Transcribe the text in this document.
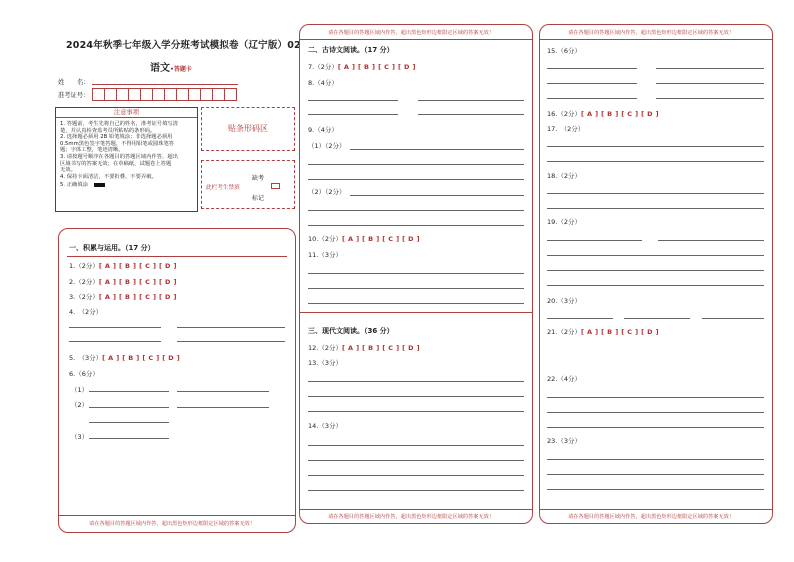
2024年秋季七年级入学分班考试模拟卷（辽宁版）02
语文•答题卡
姓　　名：
准考证号：
注意事项
1. 答题前，考生先将自己的姓名，准考证号填写清
楚，并认真检查监考员所粘贴的条形码。
2. 选择题必须用 2B 铅笔填涂；非选择题必须用
0.5mm黑色签字笔答题，不得用铅笔或圆珠笔答
题；字体工整，笔迹清晰。
3. 请按题号顺序在各题目的答题区域内作答，超出
区域书写的答案无效；在草稿纸，试题卷上答题
无效。
4. 保持卡面清洁，不要折叠、不要弄破。
5. 正确填涂
贴条形码区
缺考
此栏考生禁填
标记
一、积累与运用。（17 分）
1.（2分）[ A ] [ B ] [ C ] [ D ]
2.（2分）[ A ] [ B ] [ C ] [ D ]
3.（2分）[ A ] [ B ] [ C ] [ D ]
4.　（2分）
5.　（3分）[ A ] [ B ] [ C ] [ D ]
6.（6分）
（1）
（2）
（3）
请在各题目的答题区域内作答，超出黑色矩形边框限定区域的答案无效！
请在各题目的答题区域内作答，超出黑色矩形边框限定区域的答案无效！
二、古诗文阅读。（17 分）
7.（2分）[ A ] [ B ] [ C ] [ D ]
8.（4分）
9.（4分）
（1）（2分）
（2）（2分）
10.（2分）[ A ] [ B ] [ C ] [ D ]
11.（3分）
三、现代文阅读。（36 分）
12.（2分）[ A ] [ B ] [ C ] [ D ]
13.（3分）
14.（3分）
请在各题目的答题区域内作答，超出黑色矩形边框限定区域的答案无效！
请在各题目的答题区域内作答，超出黑色矩形边框限定区域的答案无效！
15.（6分）
16.（2分）[ A ] [ B ] [ C ] [ D ]
17.　（2分）
18.（2分）
19.（2分）
20.（3分）
21.（2分）[ A ] [ B ] [ C ] [ D ]
22.（4分）
23.（3分）
请在各题目的答题区域内作答，超出黑色矩形边框限定区域的答案无效！
